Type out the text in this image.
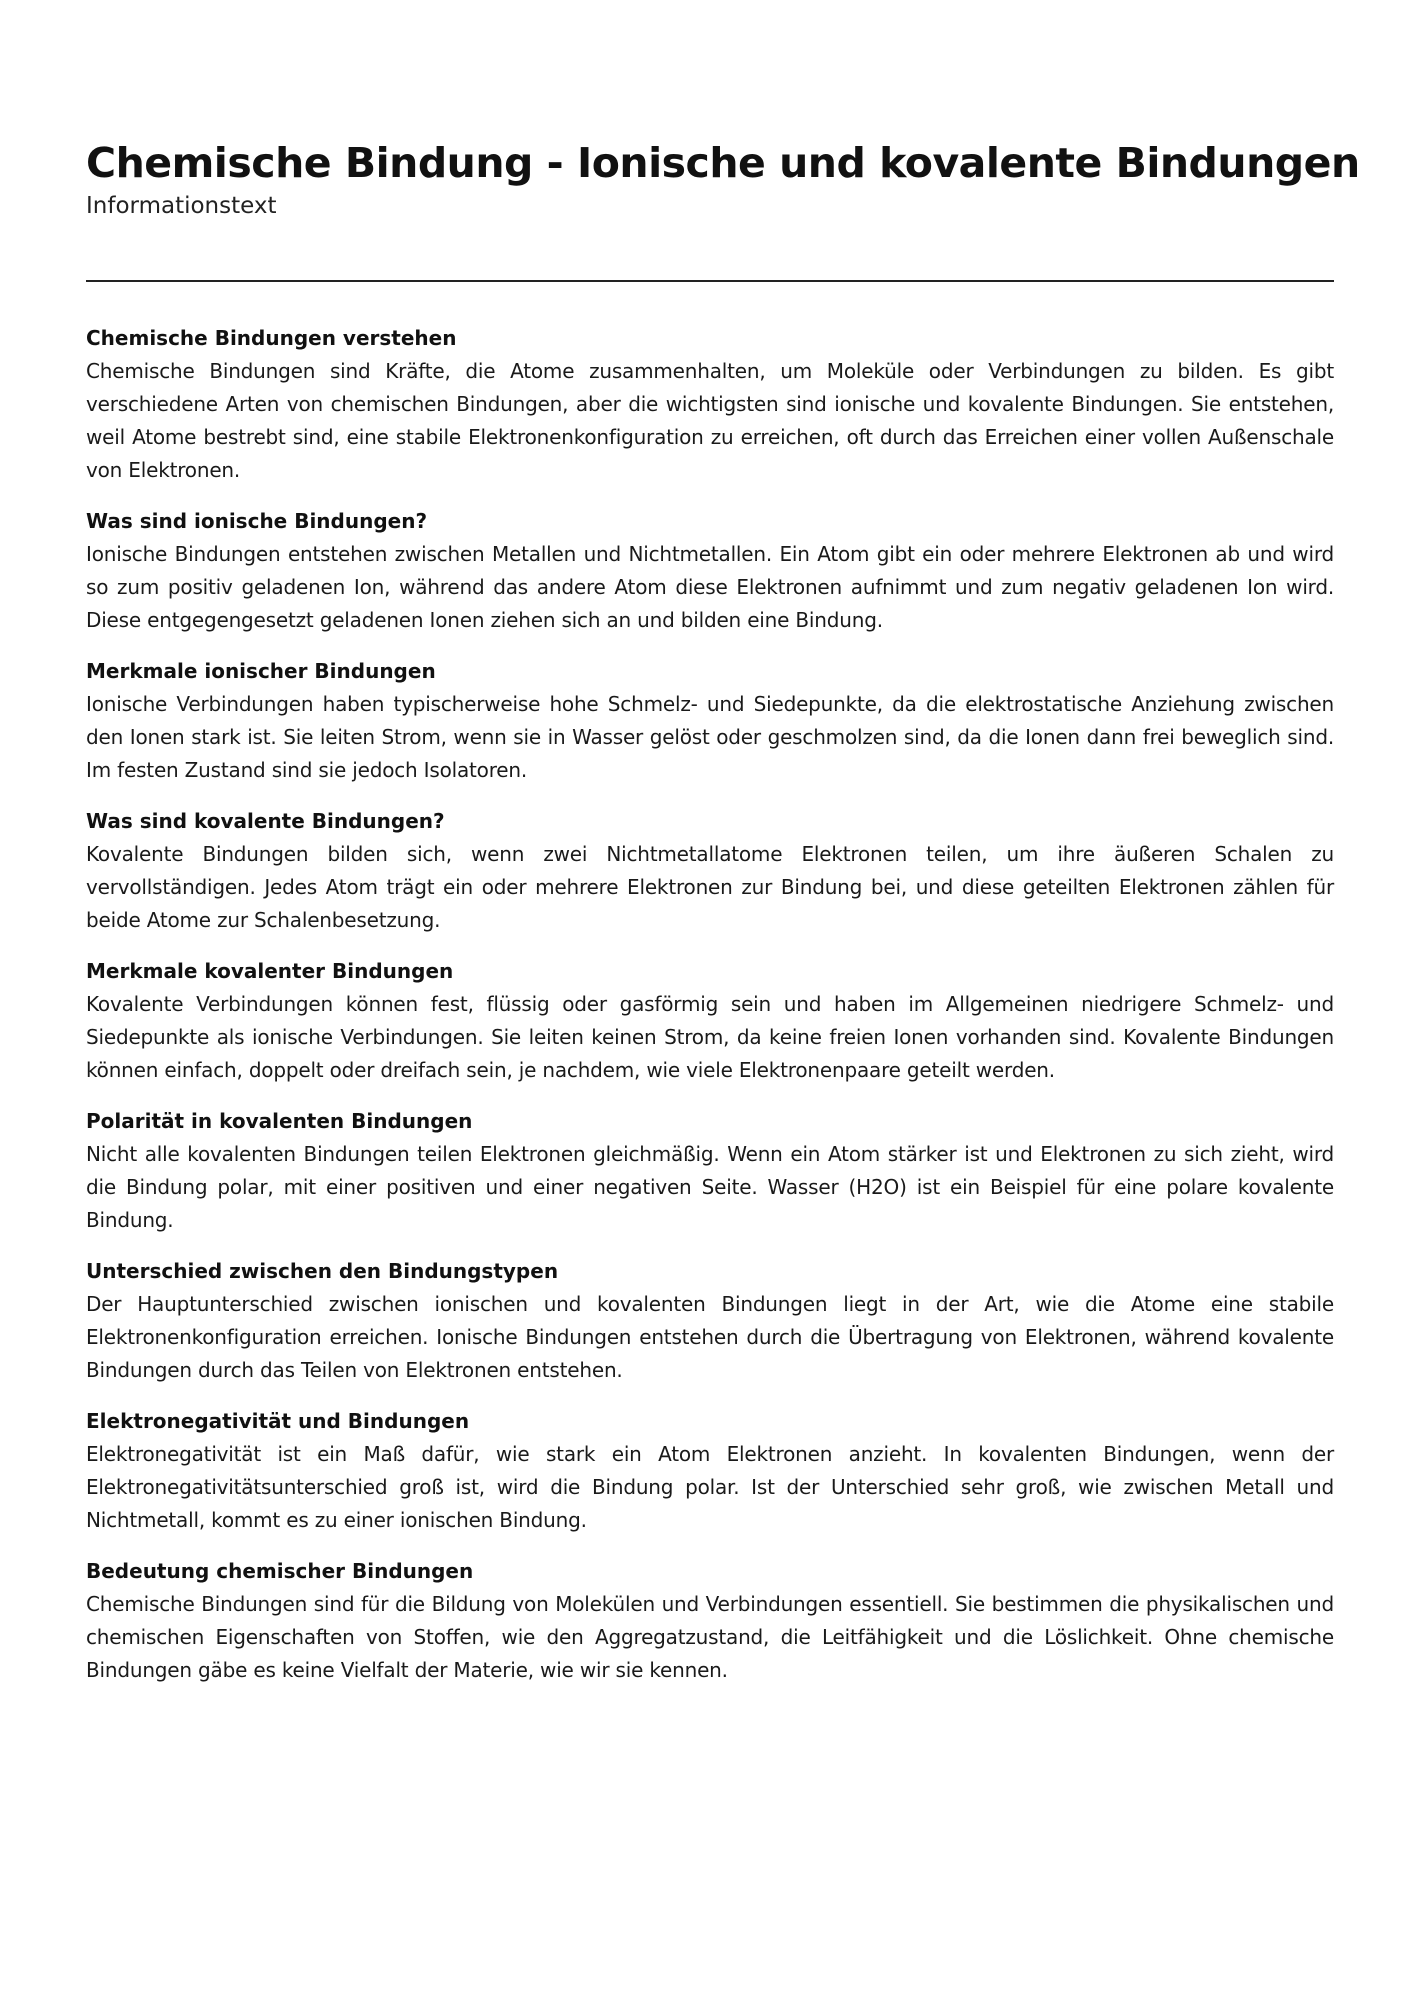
Chemische Bindung - Ionische und kovalente Bindungen

Informationstext

Chemische Bindungen verstehen

Chemische Bindungen sind Kräfte, die Atome zusammenhalten, um Moleküle oder Verbindungen zu bilden. Es gibt verschiedene Arten von chemischen Bindungen, aber die wichtigsten sind ionische und kovalente Bindungen. Sie entstehen, weil Atome bestrebt sind, eine stabile Elektronenkonfiguration zu erreichen, oft durch das Erreichen einer vollen Außenschale von Elektronen.

Was sind ionische Bindungen?

Ionische Bindungen entstehen zwischen Metallen und Nichtmetallen. Ein Atom gibt ein oder mehrere Elektronen ab und wird so zum positiv geladenen Ion, während das andere Atom diese Elektronen aufnimmt und zum negativ geladenen Ion wird. Diese entgegengesetzt geladenen Ionen ziehen sich an und bilden eine Bindung.

Merkmale ionischer Bindungen

Ionische Verbindungen haben typischerweise hohe Schmelz- und Siedepunkte, da die elektrostatische Anziehung zwischen den Ionen stark ist. Sie leiten Strom, wenn sie in Wasser gelöst oder geschmolzen sind, da die Ionen dann frei beweglich sind. Im festen Zustand sind sie jedoch Isolatoren.

Was sind kovalente Bindungen?

Kovalente Bindungen bilden sich, wenn zwei Nichtmetallatome Elektronen teilen, um ihre äußeren Schalen zu vervollständigen. Jedes Atom trägt ein oder mehrere Elektronen zur Bindung bei, und diese geteilten Elektronen zählen für beide Atome zur Schalenbesetzung.

Merkmale kovalenter Bindungen

Kovalente Verbindungen können fest, flüssig oder gasförmig sein und haben im Allgemeinen niedrigere Schmelz- und Siedepunkte als ionische Verbindungen. Sie leiten keinen Strom, da keine freien Ionen vorhanden sind. Kovalente Bindungen können einfach, doppelt oder dreifach sein, je nachdem, wie viele Elektronenpaare geteilt werden.

Polarität in kovalenten Bindungen

Nicht alle kovalenten Bindungen teilen Elektronen gleichmäßig. Wenn ein Atom stärker ist und Elektronen zu sich zieht, wird die Bindung polar, mit einer positiven und einer negativen Seite. Wasser (H2O) ist ein Beispiel für eine polare kovalente Bindung.

Unterschied zwischen den Bindungstypen

Der Hauptunterschied zwischen ionischen und kovalenten Bindungen liegt in der Art, wie die Atome eine stabile Elektronenkonfiguration erreichen. Ionische Bindungen entstehen durch die Übertragung von Elektronen, während kovalente Bindungen durch das Teilen von Elektronen entstehen.

Elektronegativität und Bindungen

Elektronegativität ist ein Maß dafür, wie stark ein Atom Elektronen anzieht. In kovalenten Bindungen, wenn der Elektronegativitätsunterschied groß ist, wird die Bindung polar. Ist der Unterschied sehr groß, wie zwischen Metall und Nichtmetall, kommt es zu einer ionischen Bindung.

Bedeutung chemischer Bindungen

Chemische Bindungen sind für die Bildung von Molekülen und Verbindungen essentiell. Sie bestimmen die physikalischen und chemischen Eigenschaften von Stoffen, wie den Aggregatzustand, die Leitfähigkeit und die Löslichkeit. Ohne chemische Bindungen gäbe es keine Vielfalt der Materie, wie wir sie kennen.
